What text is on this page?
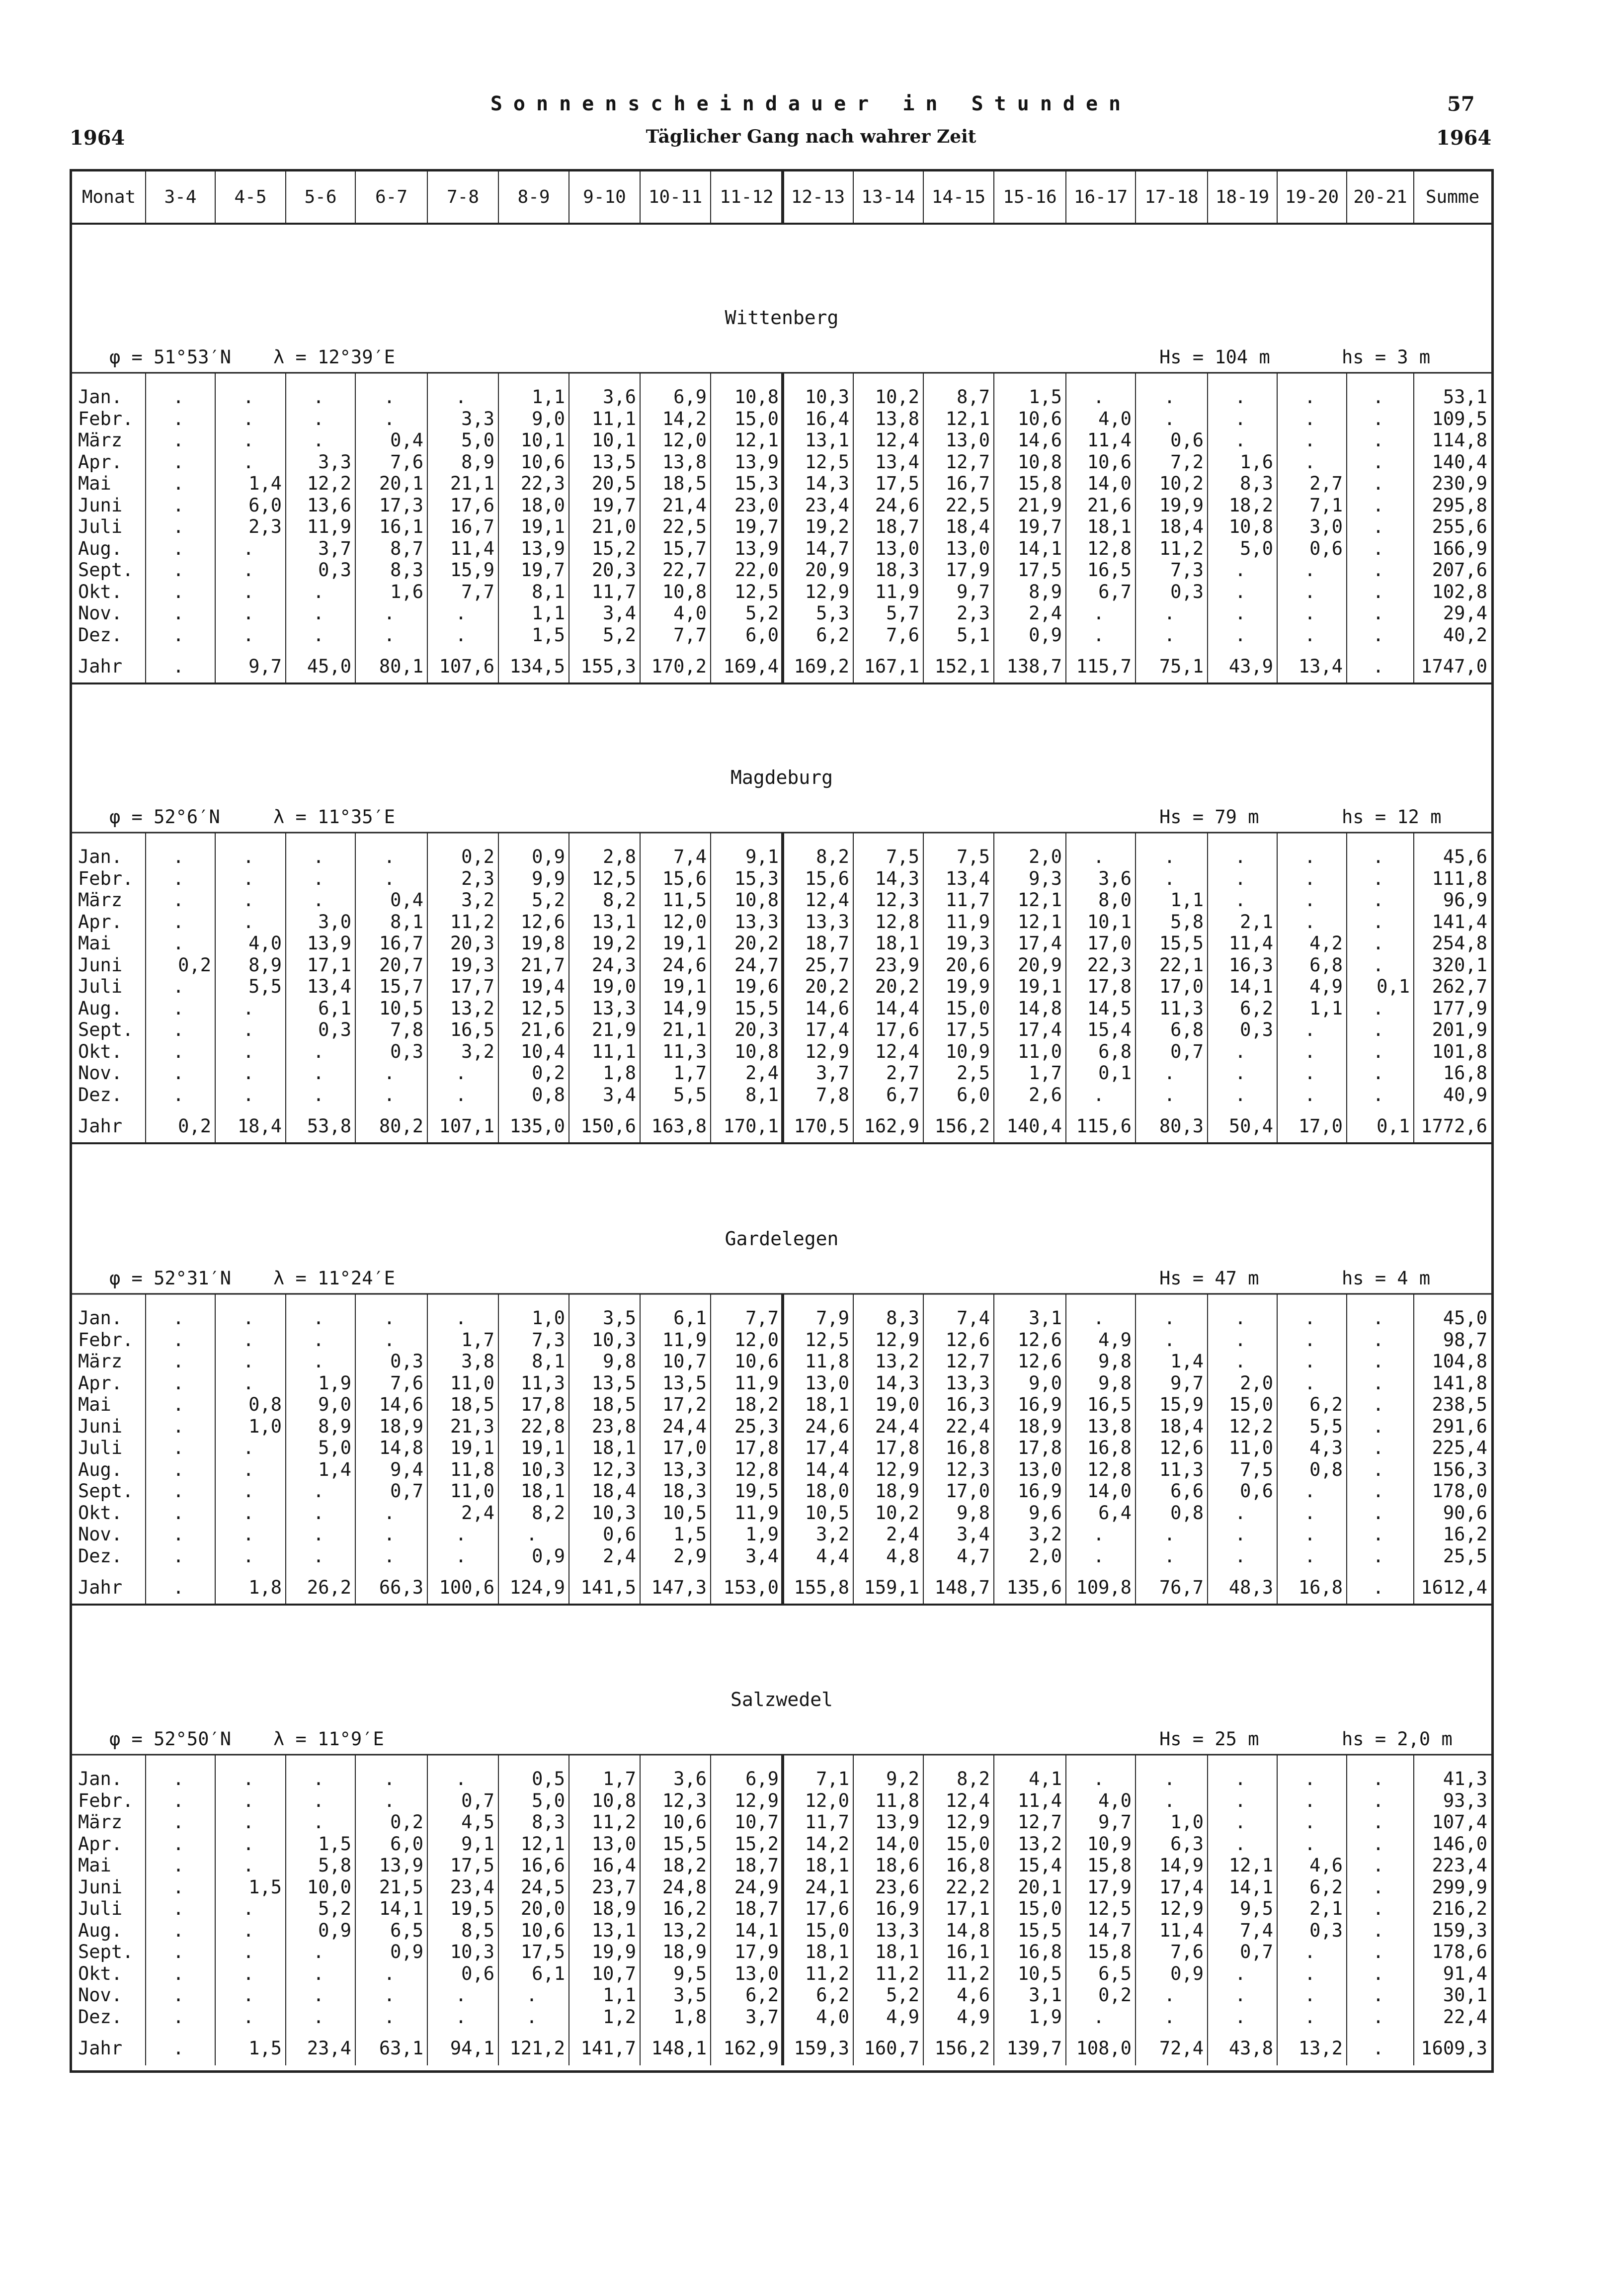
57
Sonnenscheindauer in Stunden
1964	Täglicher Gang nach wahrer Zeit	1964
Monat	3-4	4-5	5-6	6-7	7-8	8-9	9-10	10-11 11-12 12-13 13-14 14-15 15-16 16-17 17-18 18-19 19-20 20-21	Summe
Wittenberg
φ = 51°53′N λ = 12°39′E	Hs = 104 m	hs = 3 m
Jan.	.	.	.	.	.	1,1	3,6	6,9	10,8	10,3	10,2	8,7	1,5	.	.	.	.	.	53,1
Febr.	.	.	.	.	3,3	9,0	11,1	14,2	15,0	16,4	13,8	12,1	10,6	4,0	.	.	.	.	109,5
März	.	.	.	0,4	5,0	10,1	10,1	12,0	12,1	13,1	12,4	13,0	14,6	11,4	0,6	.	.	.	114,8
Apr.	.	.	3,3	7,6	8,9	10,6	13,5	13,8	13,9	12,5	13,4	12,7	10,8	10,6	7,2	1,6	.	.	140,4
Mai	.	1,4	12,2	20,1	21,1	22,3	20,5	18,5	15,3	14,3	17,5	16,7	15,8	14,0	10,2	8,3	2,7	.	230,9
Juni	.	6,0	13,6	17,3	17,6	18,0	19,7	21,4	23,0	23,4	24,6	22,5	21,9	21,6	19,9	18,2	7,1	.	295,8
Juli	.	2,3	11,9	16,1	16,7	19,1	21,0	22,5	19,7	19,2	18,7	18,4	19,7	18,1	18,4	10,8	3,0	.	255,6
Aug.	.	.	3,7	8,7	11,4	13,9	15,2	15,7	13,9	14,7	13,0	13,0	14,1	12,8	11,2	5,0	0,6	.	166,9
Sept.	.	.	0,3	8,3	15,9	19,7	20,3	22,7	22,0	20,9	18,3	17,9	17,5	16,5	7,3	.	.	.	207,6
Okt.	.	.	.	1,6	7,7	8,1	11,7	10,8	12,5	12,9	11,9	9,7	8,9	6,7	0,3	.	.	.	102,8
Nov.	.	.	.	.	.	1,1	3,4	4,0	5,2	5,3	5,7	2,3	2,4	.	.	.	.	.	29,4
Dez.	.	.	.	.	.	1,5	5,2	7,7	6,0	6,2	7,6	5,1	0,9	.	.	.	.	.	40,2
Jahr	.	9,7	45,0	80,1 107,6 134,5 155,3 170,2 169,4 169,2 167,1 152,1 138,7 115,7	75,1	43,9	13,4	.	1747,0
Magdeburg
φ = 52°6′N	λ = 11°35′E	Hs = 79 m	hs = 12 m
Jan.	.	.	.	.	0,2	0,9	2,8	7,4	9,1	8,2	7,5	7,5	2,0	.	.	.	.	.	45,6
Febr.	.	.	.	.	2,3	9,9	12,5	15,6	15,3	15,6	14,3	13,4	9,3	3,6	.	.	.	.	111,8
März	.	.	.	0,4	3,2	5,2	8,2	11,5	10,8	12,4	12,3	11,7	12,1	8,0	1,1	.	.	.	96,9
Apr.	.	.	3,0	8,1	11,2	12,6	13,1	12,0	13,3	13,3	12,8	11,9	12,1	10,1	5,8	2,1	.	.	141,4
Mai	.	4,0	13,9	16,7	20,3	19,8	19,2	19,1	20,2	18,7	18,1	19,3	17,4	17,0	15,5	11,4	4,2	.	254,8
Juni	0,2	8,9	17,1	20,7	19,3	21,7	24,3	24,6	24,7	25,7	23,9	20,6	20,9	22,3	22,1	16,3	6,8	.	320,1
Juli	.	5,5	13,4	15,7	17,7	19,4	19,0	19,1	19,6	20,2	20,2	19,9	19,1	17,8	17,0	14,1	4,9	0,1	262,7
Aug.	.	.	6,1	10,5	13,2	12,5	13,3	14,9	15,5	14,6	14,4	15,0	14,8	14,5	11,3	6,2	1,1	.	177,9
Sept.	.	.	0,3	7,8	16,5	21,6	21,9	21,1	20,3	17,4	17,6	17,5	17,4	15,4	6,8	0,3	.	.	201,9
Okt.	.	.	.	0,3	3,2	10,4	11,1	11,3	10,8	12,9	12,4	10,9	11,0	6,8	0,7	.	.	.	101,8
Nov.	.	.	.	.	.	0,2	1,8	1,7	2,4	3,7	2,7	2,5	1,7	0,1	.	.	.	.	16,8
Dez.	.	.	.	.	.	0,8	3,4	5,5	8,1	7,8	6,7	6,0	2,6	.	.	.	.	.	40,9
Jahr	0,2	18,4	53,8	80,2 107,1 135,0 150,6 163,8 170,1 170,5 162,9 156,2 140,4 115,6	80,3	50,4	17,0	0,1 1772,6
Gardelegen
φ = 52°31′N λ = 11°24′E	Hs = 47 m	hs = 4 m
Jan.	.	.	.	.	.	1,0	3,5	6,1	7,7	7,9	8,3	7,4	3,1	.	.	.	.	.	45,0
Febr.	.	.	.	.	1,7	7,3	10,3	11,9	12,0	12,5	12,9	12,6	12,6	4,9	.	.	.	.	98,7
März	.	.	.	0,3	3,8	8,1	9,8	10,7	10,6	11,8	13,2	12,7	12,6	9,8	1,4	.	.	.	104,8
Apr.	.	.	1,9	7,6	11,0	11,3	13,5	13,5	11,9	13,0	14,3	13,3	9,0	9,8	9,7	2,0	.	.	141,8
Mai	.	0,8	9,0	14,6	18,5	17,8	18,5	17,2	18,2	18,1	19,0	16,3	16,9	16,5	15,9	15,0	6,2	.	238,5
Juni	.	1,0	8,9	18,9	21,3	22,8	23,8	24,4	25,3	24,6	24,4	22,4	18,9	13,8	18,4	12,2	5,5	.	291,6
Juli	.	.	5,0	14,8	19,1	19,1	18,1	17,0	17,8	17,4	17,8	16,8	17,8	16,8	12,6	11,0	4,3	.	225,4
Aug.	.	.	1,4	9,4	11,8	10,3	12,3	13,3	12,8	14,4	12,9	12,3	13,0	12,8	11,3	7,5	0,8	.	156,3
Sept.	.	.	.	0,7	11,0	18,1	18,4	18,3	19,5	18,0	18,9	17,0	16,9	14,0	6,6	0,6	.	.	178,0
Okt.	.	.	.	.	2,4	8,2	10,3	10,5	11,9	10,5	10,2	9,8	9,6	6,4	0,8	.	.	.	90,6
Nov.	.	.	.	.	.	.	0,6	1,5	1,9	3,2	2,4	3,4	3,2	.	.	.	.	.	16,2
Dez.	.	.	.	.	.	0,9	2,4	2,9	3,4	4,4	4,8	4,7	2,0	.	.	.	.	.	25,5
Jahr	.	1,8	26,2	66,3 100,6 124,9 141,5 147,3 153,0 155,8 159,1 148,7 135,6 109,8	76,7	48,3	16,8	.	1612,4
Salzwedel
φ = 52°50′N λ = 11°9′E	Hs = 25 m	hs = 2,0 m
Jan.	.	.	.	.	.	0,5	1,7	3,6	6,9	7,1	9,2	8,2	4,1	.	.	.	.	.	41,3
Febr.	.	.	.	.	0,7	5,0	10,8	12,3	12,9	12,0	11,8	12,4	11,4	4,0	.	.	.	.	93,3
März	.	.	.	0,2	4,5	8,3	11,2	10,6	10,7	11,7	13,9	12,9	12,7	9,7	1,0	.	.	.	107,4
Apr.	.	.	1,5	6,0	9,1	12,1	13,0	15,5	15,2	14,2	14,0	15,0	13,2	10,9	6,3	.	.	.	146,0
Mai	.	.	5,8	13,9	17,5	16,6	16,4	18,2	18,7	18,1	18,6	16,8	15,4	15,8	14,9	12,1	4,6	.	223,4
Juni	.	1,5	10,0	21,5	23,4	24,5	23,7	24,8	24,9	24,1	23,6	22,2	20,1	17,9	17,4	14,1	6,2	.	299,9
Juli	.	.	5,2	14,1	19,5	20,0	18,9	16,2	18,7	17,6	16,9	17,1	15,0	12,5	12,9	9,5	2,1	.	216,2
Aug.	.	.	0,9	6,5	8,5	10,6	13,1	13,2	14,1	15,0	13,3	14,8	15,5	14,7	11,4	7,4	0,3	.	159,3
Sept.	.	.	.	0,9	10,3	17,5	19,9	18,9	17,9	18,1	18,1	16,1	16,8	15,8	7,6	0,7	.	.	178,6
Okt.	.	.	.	.	0,6	6,1	10,7	9,5	13,0	11,2	11,2	11,2	10,5	6,5	0,9	.	.	.	91,4
Nov.	.	.	.	.	.	.	1,1	3,5	6,2	6,2	5,2	4,6	3,1	0,2	.	.	.	.	30,1
Dez.	.	.	.	.	.	.	1,2	1,8	3,7	4,0	4,9	4,9	1,9	.	.	.	.	.	22,4
Jahr	.	1,5	23,4	63,1	94,1 121,2 141,7 148,1 162,9 159,3 160,7 156,2 139,7 108,0	72,4	43,8	13,2	.	1609,3
